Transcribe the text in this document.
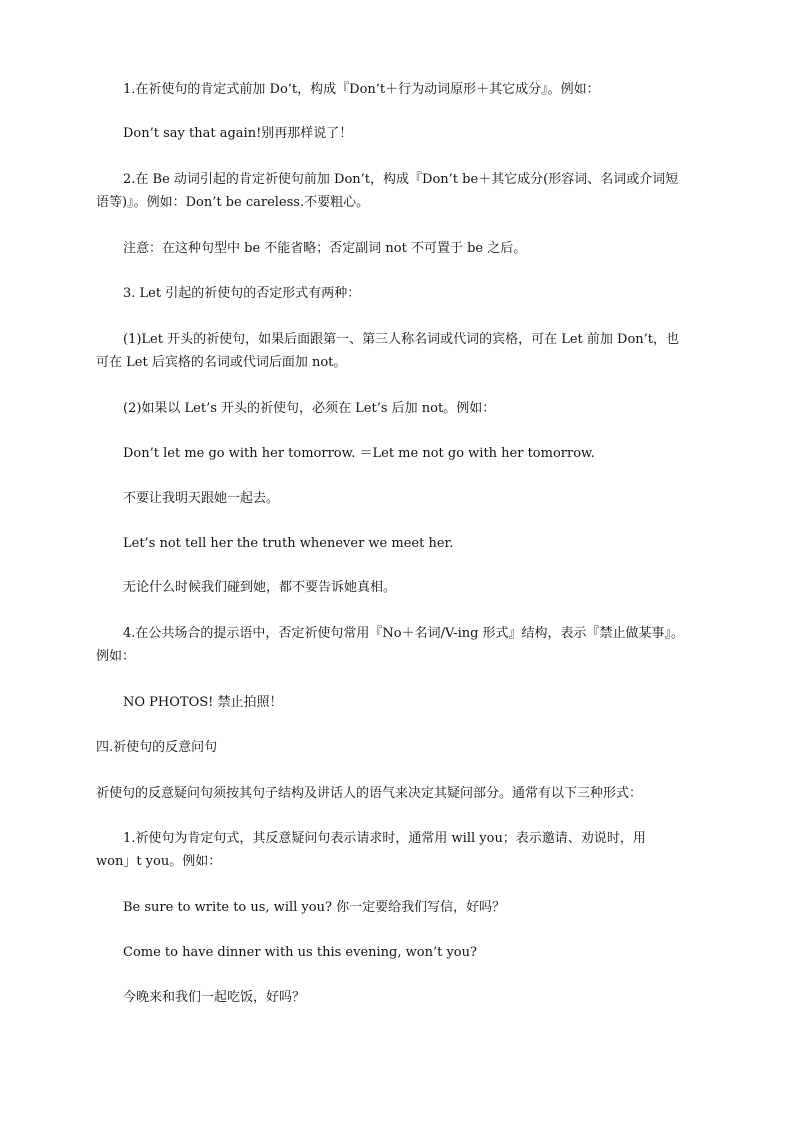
1.在祈使句的肯定式前加 Do’t，构成『Don’t＋行为动词原形＋其它成分』。例如：
Don’t say that again!别再那样说了！
2.在 Be 动词引起的肯定祈使句前加 Don’t，构成『Don’t be＋其它成分(形容词、名词或介词短
语等)』。例如：Don’t be careless.不要粗心。
注意：在这种句型中 be 不能省略；否定副词 not 不可置于 be 之后。
3. Let 引起的祈使句的否定形式有两种：
(1)Let 开头的祈使句，如果后面跟第一、第三人称名词或代词的宾格，可在 Let 前加 Don’t，也
可在 Let 后宾格的名词或代词后面加 not。
(2)如果以 Let’s 开头的祈使句，必须在 Let’s 后加 not。例如：
Don’t let me go with her tomorrow. ＝Let me not go with her tomorrow.
不要让我明天跟她一起去。
Let’s not tell her the truth whenever we meet her.
无论什么时候我们碰到她，都不要告诉她真相。
4.在公共场合的提示语中，否定祈使句常用『No＋名词/V-ing 形式』结构，表示『禁止做某事』。
例如：
NO PHOTOS! 禁止拍照！
四.祈使句的反意问句
祈使句的反意疑问句须按其句子结构及讲话人的语气来决定其疑问部分。通常有以下三种形式：
1.祈使句为肯定句式，其反意疑问句表示请求时，通常用 will you；表示邀请、劝说时，用
won」t you。例如：
Be sure to write to us, will you? 你一定要给我们写信，好吗？
Come to have dinner with us this evening, won’t you?
今晚来和我们一起吃饭，好吗？
